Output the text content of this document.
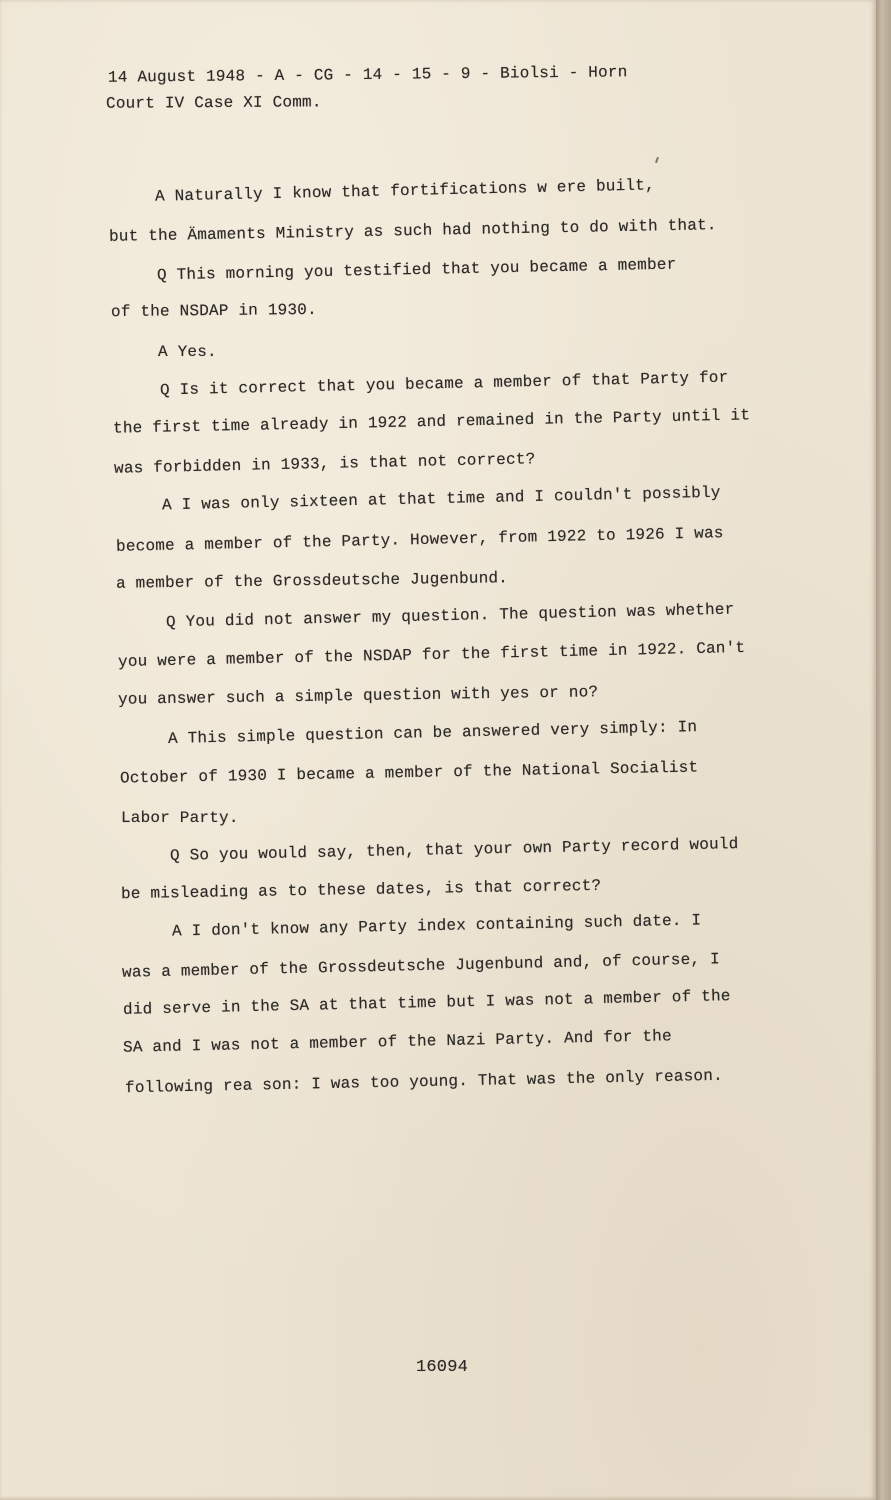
14 August 1948 - A - CG - 14 - 15 - 9 - Biolsi - Horn
Court IV Case XI Comm.
A Naturally I know that fortifications w ere built,
but the Ämaments Ministry as such had nothing to do with that.
Q This morning you testified that you became a member
of the NSDAP in 1930.
A Yes.
Q Is it correct that you became a member of that Party for
the first time already in 1922 and remained in the Party until it
was forbidden in 1933, is that not correct?
A I was only sixteen at that time and I couldn't possibly
become a member of the Party. However, from 1922 to 1926 I was
a member of the Grossdeutsche Jugenbund.
Q You did not answer my question. The question was whether
you were a member of the NSDAP for the first time in 1922. Can't
you answer such a simple question with yes or no?
A This simple question can be answered very simply: In
October of 1930 I became a member of the National Socialist
Labor Party.
Q So you would say, then, that your own Party record would
be misleading as to these dates, is that correct?
A I don't know any Party index containing such date. I
was a member of the Grossdeutsche Jugenbund and, of course, I
did serve in the SA at that time but I was not a member of the
SA and I was not a member of the Nazi Party. And for the
following rea son: I was too young. That was the only reason.
16094
